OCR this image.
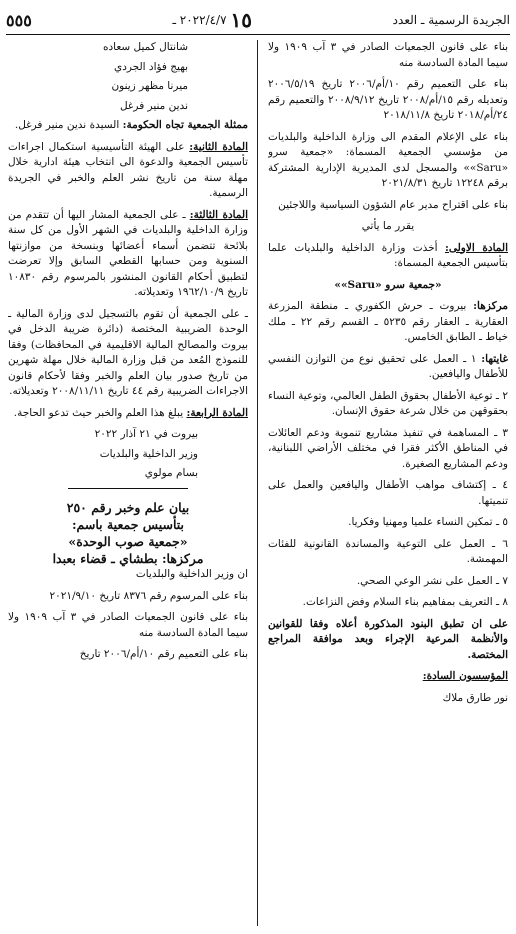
الجريدة الرسمية ـ العدد
١٥
٢٠٢٢/٤/٧ ـ
٥٥٥

بناء على قانون الجمعيات الصادر في ٣ آب ١٩٠٩ ولا سيما المادة السادسة منه

بناء على التعميم رقم ١٠/أم/٢٠٠٦ تاريخ ٢٠٠٦/٥/١٩ وتعديله رقم ١٥/أم/٢٠٠٨ تاريخ ٢٠٠٨/٩/١٢ والتعميم رقم ٢٤/أم/٢٠١٨ تاريخ ٢٠١٨/١١/٨

بناء على الإعلام المقدم الى وزارة الداخلية والبلديات من مؤسسي الجمعية المسماة: «جمعية سرو «Saru»» والمسجل لدى المديرية الإدارية المشتركة برقم ١٢٢٤٨ تاريخ ٢٠٢١/٨/٣١

بناء على اقتراح مدير عام الشؤون السياسية واللاجئين

يقرر ما يأتي

المادة الاولى: أخذت وزارة الداخلية والبلديات علما بتأسيس الجمعية المسماة:

«جمعية سرو «Saru»»

مركزها: بيروت ـ حرش الكفوري ـ منطقة المزرعة العقارية ـ العقار رقم ٥٢٣٥ ـ القسم رقم ٢٢ ـ ملك خياط ـ الطابق الخامس.

غايتها: ١ ـ العمل على تحقيق نوع من التوازن النفسي للأطفال واليافعين.

٢ ـ توعية الأطفال بحقوق الطفل العالمي، وتوعية النساء بحقوقهن من خلال شرعة حقوق الإنسان.

٣ ـ المساهمة في تنفيذ مشاريع تنموية ودعم العائلات في المناطق الأكثر فقرا في مختلف الأراضي اللبنانية، ودعم المشاريع الصغيرة.

٤ ـ إكتشاف مواهب الأطفال واليافعين والعمل على تنميتها.

٥ ـ تمكين النساء علميا ومهنيا وفكريا.

٦ ـ العمل على التوعية والمساندة القانونية للفئات المهمشة.

٧ ـ العمل على نشر الوعي الصحي.

٨ ـ التعريف بمفاهيم بناء السلام وفض النزاعات.

على ان تطبق البنود المذكورة أعلاه وفقا للقوانين والأنظمة المرعية الإجراء وبعد موافقة المراجع المختصة.

المؤسسون السادة:

نور طارق ملاك

شانتال كميل سعاده

بهيج فؤاد الجردي

ميرنا مظهر زينون

ندين منير فرغل

ممثلة الجمعية تجاه الحكومة: السيدة ندين منير فرغل.

المادة الثانية: على الهيئة التأسيسية استكمال اجراءات تأسيس الجمعية والدعوة الى انتخاب هيئة ادارية خلال مهلة سنة من تاريخ نشر العلم والخبر في الجريدة الرسمية.

المادة الثالثة: ـ على الجمعية المشار اليها أن تتقدم من وزارة الداخلية والبلديات في الشهر الأول من كل سنة بلائحة تتضمن أسماء أعضائها وبنسخة من موازنتها السنوية ومن حسابها القطعي السابق وإلا تعرضت لتطبيق أحكام القانون المنشور بالمرسوم رقم ١٠٨٣٠ تاريخ ١٩٦٢/١٠/٩ وتعديلاته.

ـ على الجمعية أن تقوم بالتسجيل لدى وزارة المالية ـ الوحدة الضريبية المختصة (دائرة ضريبة الدخل في بيروت والمصالح المالية الاقليمية في المحافظات) وفقا للنموذج المُعد من قبل وزارة المالية خلال مهلة شهرين من تاريخ صدور بيان العلم والخبر وفقا لأحكام قانون الاجراءات الضريبية رقم ٤٤ تاريخ ٢٠٠٨/١١/١١ وتعديلاته.

المادة الرابعة: يبلغ هذا العلم والخبر حيث تدعو الحاجة.

بيروت في ٢١ آذار ٢٠٢٢

وزير الداخلية والبلديات

بسام مولوي

بيان علم وخبر رقم ٢٥٠
بتأسيس جمعية باسم:
«جمعية صوب الوحدة»
مركزها: بطشاي ـ قضاء بعبدا

ان وزير الداخلية والبلديات

بناء على المرسوم رقم ٨٣٧٦ تاريخ ٢٠٢١/٩/١٠

بناء على قانون الجمعيات الصادر في ٣ آب ١٩٠٩ ولا سيما المادة السادسة منه

بناء على التعميم رقم ١٠/أم/٢٠٠٦ تاريخ
